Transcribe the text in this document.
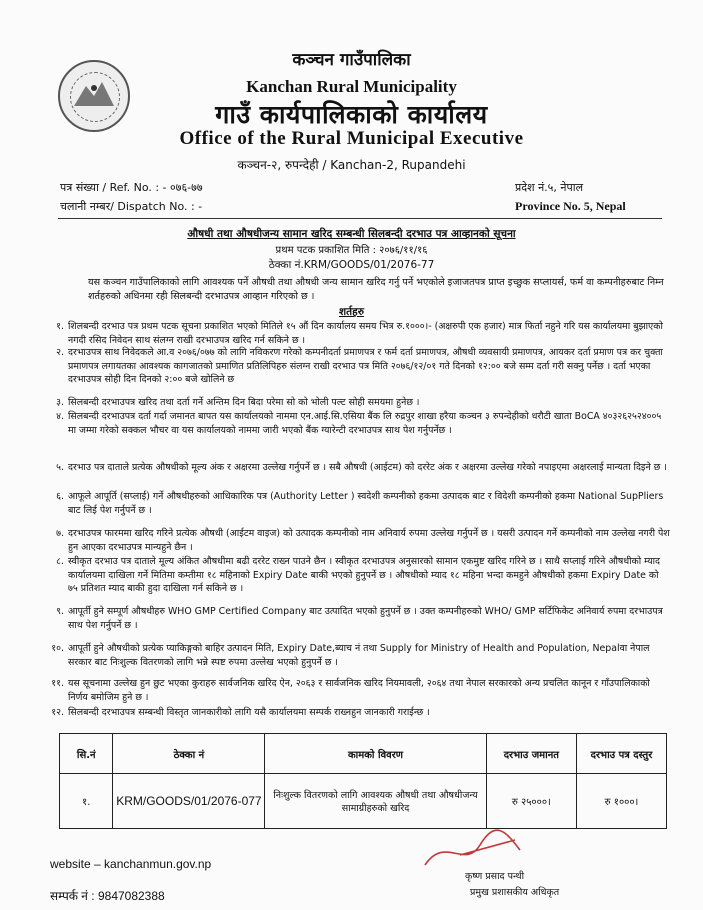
कञ्चन गाउँपालिका
Kanchan Rural Municipality
गाउँ कार्यपालिकाको कार्यालय
Office of the Rural Municipal Executive
कञ्चन-२, रुपन्देही / Kanchan-2, Rupandehi
पत्र संख्या / Ref. No. : - ०७६-७७
चलानी नम्बर/ Dispatch No. : -
प्रदेश नं.५, नेपाल
Province No. 5, Nepal
औषधी तथा औषधीजन्य सामान खरिद सम्बन्धी सिलबन्दी दरभाउ पत्र आव्हानको सूचना
प्रथम पटक प्रकाशित मिति : २०७६/११/१६
ठेक्का नं.KRM/GOODS/01/2076-77
यस कञ्चन गाउँपालिकाको लागि आवश्यक पर्ने औषधी तथा औषधी जन्य सामान खरिद गर्नु पर्ने भएकोले इजाजतपत्र प्राप्त इच्छुक सप्लायर्स, फर्म वा कम्पनीहरुबाट निम्न शर्तहरुको अधिनमा रही सिलबन्दी दरभाउपत्र आव्हान गरिएको छ ।
शर्तहरु
१. शिलबन्दी दरभाउ पत्र प्रथम पटक सूचना प्रकाशित भएको मितिले १५ औं दिन कार्यालय समय भित्र रु.१०००।- (अक्षरुपी एक हजार) मात्र फिर्ता नहुने गरि यस कार्यालयमा बुझाएको नगदी रसिद निवेदन साथ संलग्न राखी दरभाउपत्र खरिद गर्न सकिने छ ।
२. दरभाउपत्र साथ निवेदकले आ.व २०७६/०७७ को लागि नविकरण गरेको कम्पनीदर्ता प्रमाणपत्र र फर्म दर्ता प्रमाणपत्र, औषधी व्यवसायी प्रमाणपत्र, आयकर दर्ता प्रमाण पत्र कर चुक्ता प्रमाणपत्र लगायतका आवश्यक कागजातको प्रमाणित प्रतिलिपिहरु संलग्न राखी दरभाउ पत्र मिति २०७६/१२/०१ गते दिनको १२:०० बजे सम्म दर्ता गरी सक्नु पर्नेछ । दर्ता भएका दरभाउपत्र सोही दिन दिनको २:०० बजे खोलिने छ
३. सिलबन्दी दरभाउपत्र खरिद तथा दर्ता गर्ने अन्तिम दिन बिदा परेमा सो को भोली पल्ट सोही समयमा हुनेछ ।
४. सिलबन्दी दरभाउपत्र दर्ता गर्दा जमानत बापत यस कार्यालयको नाममा एन.आई.सि.एसिया बैंक लि रुद्रपुर शाखा हरैया कञ्चन ३ रुपन्देहीको धरौटी खाता BoCA ४०३२६२५२४००५ मा जम्मा गरेको सक्कल भौचर वा यस कार्यालयको नाममा जारी भएको बैंक ग्यारेन्टी दरभाउपत्र साथ पेश गर्नुपर्नेछ ।
५. दरभाउ पत्र दाताले प्रत्येक औषधीको मूल्य अंक र अक्षरमा उल्लेख गर्नुपर्ने छ । सबै औषधी (आईटम) को दररेट अंक र अक्षरमा उल्लेख गरेको नपाइएमा अक्षरलाई मान्यता दिइने छ ।
६. आफूले आपूर्ति (सप्लाई) गर्ने औषधीहरुको आधिकारिक पत्र (Authority Letter ) स्वदेशी कम्पनीको हकमा उत्पादक बाट र विदेशी कम्पनीको हकमा National SupPliers बाट लिई पेश गर्नुपर्ने छ ।
७. दरभाउपत्र फारममा खरिद गरिने प्रत्येक औषधी (आईटम वाइज) को उत्पादक कम्पनीको नाम अनिवार्य रुपमा उल्लेख गर्नुपर्ने छ । यसरी उत्पादन गर्ने कम्पनीको नाम उल्लेख नगरी पेश हुन आएका दरभाउपत्र मान्यहुने छैन ।
८. स्वीकृत दरभाउ पत्र दाताले मूल्य अंकित औषधीमा बढी दररेट राख्न पाउने छैन । स्वीकृत दरभाउपत्र अनुसारको सामान एकमुष्ट खरिद गरिने छ । साथै सप्लाई गरिने औषधीको म्याद कार्यालयमा दाखिला गर्ने मितिमा कम्तीमा १८ महिनाको Expiry Date बाकी भएको हुनुपर्ने छ । औषधीको म्याद १८ महिना भन्दा कमहुने औषधीको हकमा Expiry Date को ७५ प्रतिशत म्याद बाकी हुदा दाखिला गर्न सकिने छ ।
९. आपूर्ती हुने सम्पूर्ण औषधीहरु WHO GMP Certified Company बाट उत्पादित भएको हुनुपर्ने छ । उक्त कम्पनीहरुको WHO/ GMP सर्टिफिकेट अनिवार्य रुपमा दरभाउपत्र साथ पेश गर्नुपर्ने छ ।
१०. आपूर्ती हुने औषधीको प्रत्येक प्याकिङ्गको बाहिर उत्पादन मिति, Expiry Date,ब्याच नं तथा Supply for Ministry of Health and Population, Nepalवा नेपाल सरकार बाट निःशुल्क वितरणको लागि भन्ने स्पष्ट रुपमा उल्लेख भएको हुनुपर्ने छ ।
११. यस सूचनामा उल्लेख हुन छुट भएका कुराहरु सार्वजनिक खरिद ऐन, २०६३ र सार्वजनिक खरिद नियमावली, २०६४ तथा नेपाल सरकारको अन्य प्रचलित कानून र गाँउपालिकाको निर्णय बमोजिम हुने छ ।
१२. सिलबन्दी दरभाउपत्र सम्बन्धी विस्तृत जानकारीको लागि यसै कार्यालयमा सम्पर्क राख्नहुन जानकारी गराईन्छ ।
सि.नं	ठेक्का नं	कामको विवरण	दरभाउ जमानत	दरभाउ पत्र दस्तुर
१.	KRM/GOODS/01/2076-077	निःशुल्क वितरणको लागि आवश्यक औषधी तथा औषधीजन्य सामाग्रीहरुको खरिद	रु २५०००।	रु १०००।
website – kanchanmun.gov.np
सम्पर्क नं : 9847082388
कृष्ण प्रसाद पन्थी
प्रमुख प्रशासकीय अधिकृत
